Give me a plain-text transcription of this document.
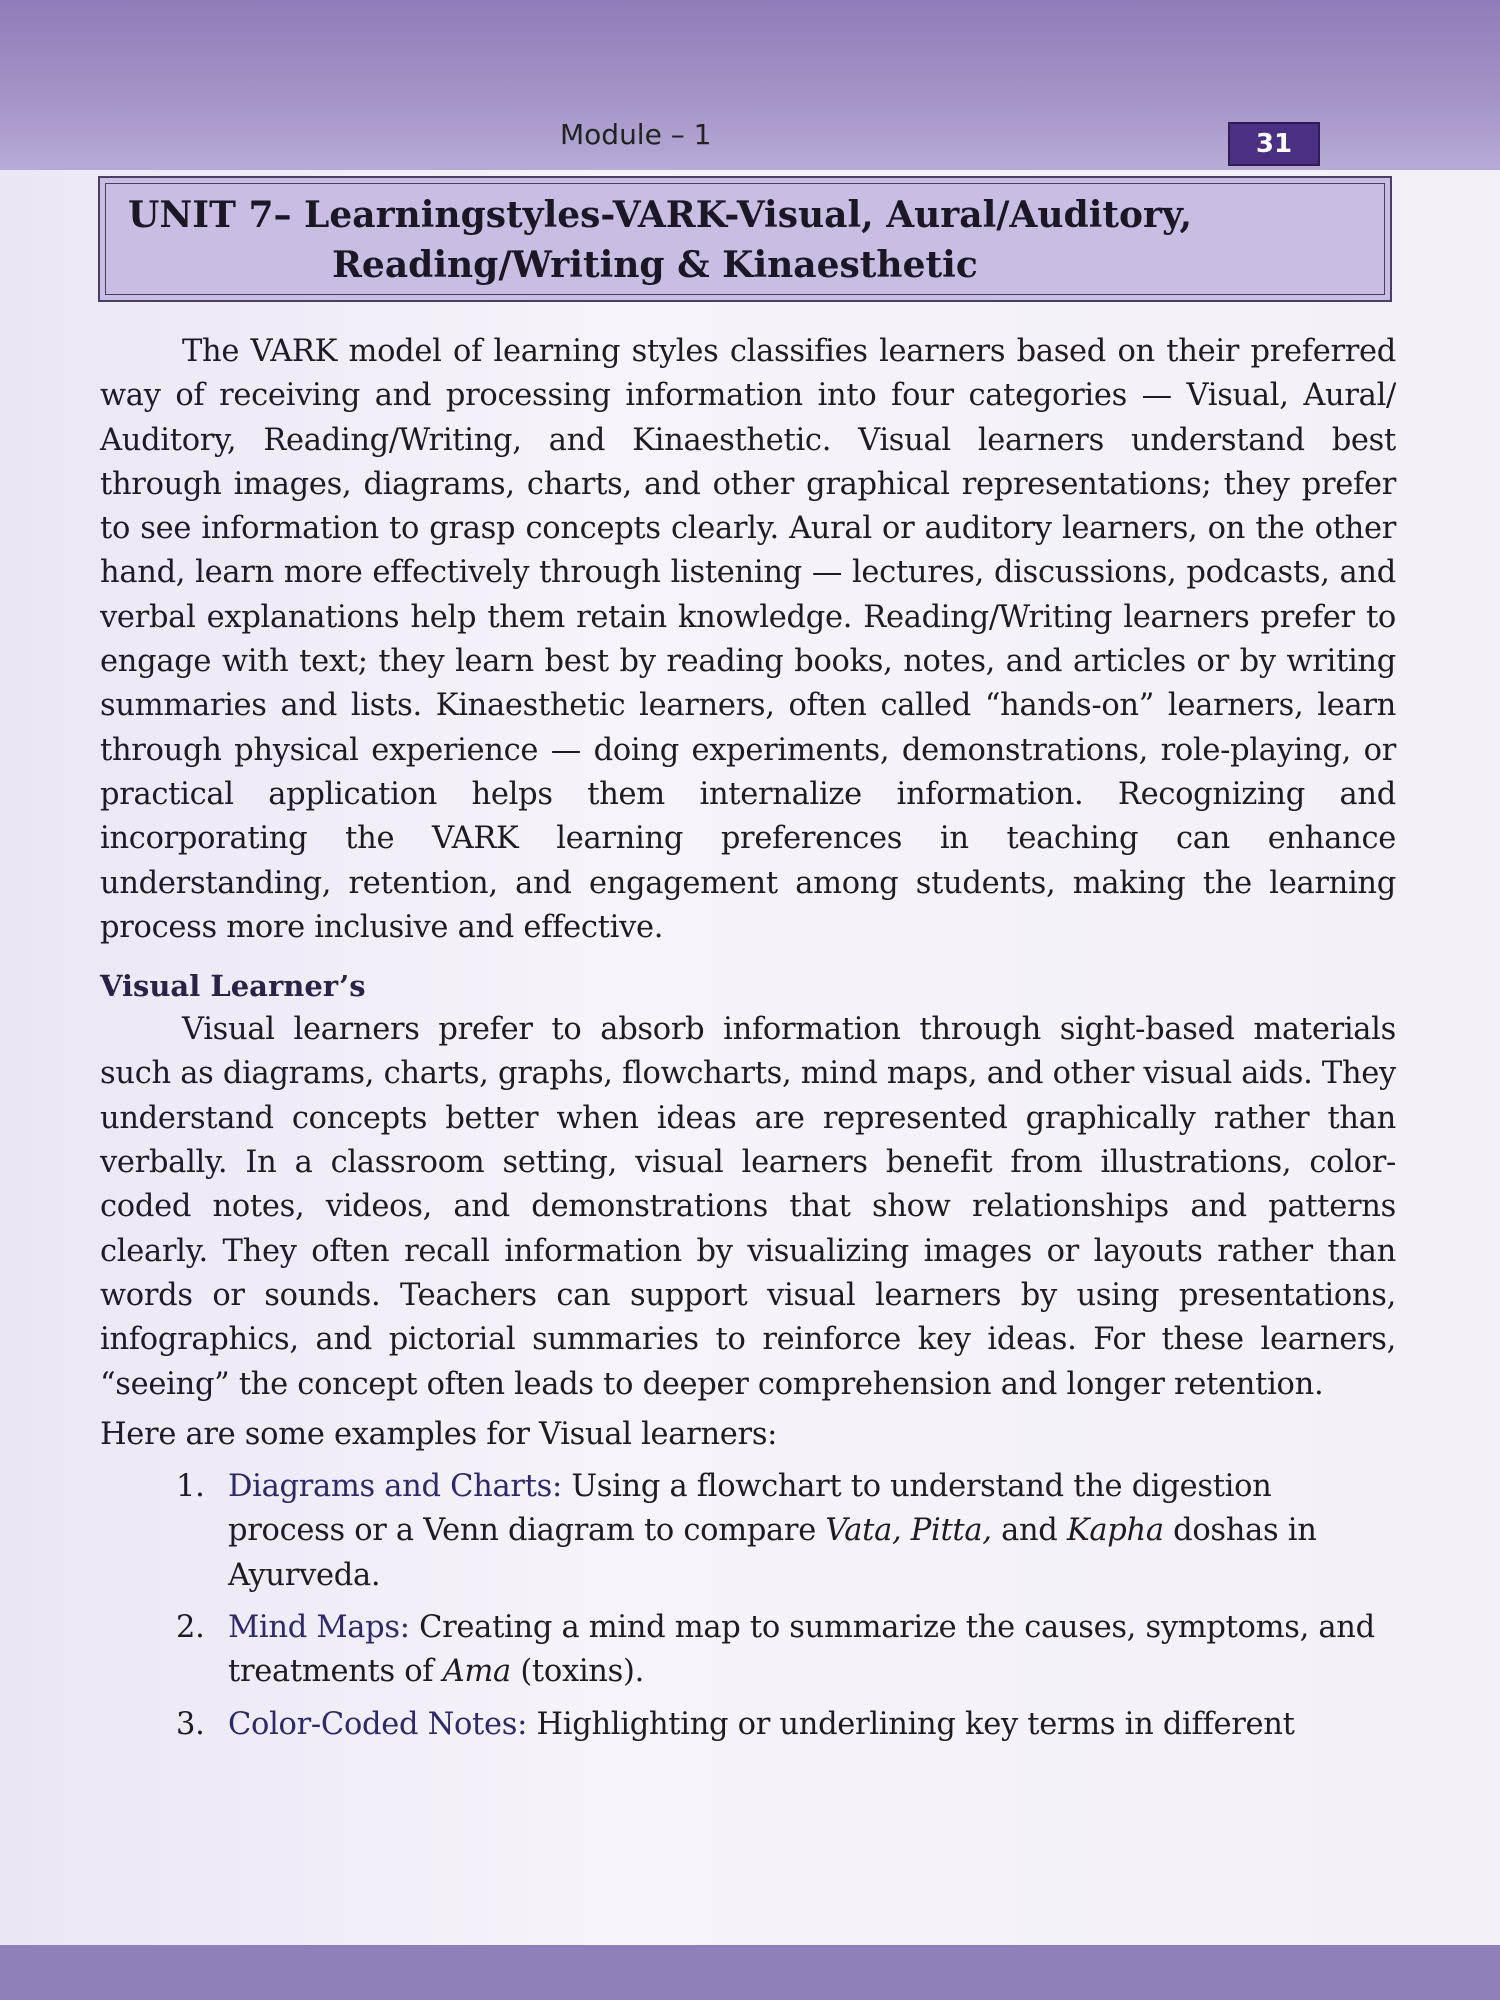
Module – 1	31
UNIT 7– Learningstyles-VARK-Visual, Aural/Auditory,
Reading/Writing & Kinaesthetic

The VARK model of learning styles classifies learners based on their preferred way of receiving and processing information into four categories — Visual, Aural/ Auditory, Reading/Writing, and Kinaesthetic. Visual learners understand best through images, diagrams, charts, and other graphical representations; they prefer to see information to grasp concepts clearly. Aural or auditory learners, on the other hand, learn more effectively through listening — lectures, discussions, podcasts, and verbal explanations help them retain knowledge. Reading/Writing learners prefer to engage with text; they learn best by reading books, notes, and articles or by writing summaries and lists. Kinaesthetic learners, often called “hands-on” learners, learn through physical experience — doing experiments, demonstrations, role-playing, or practical application helps them internalize information. Recognizing and incorporating the VARK learning preferences in teaching can enhance understanding, retention, and engagement among students, making the learning process more inclusive and effective.

Visual Learner’s

Visual learners prefer to absorb information through sight-based materials such as diagrams, charts, graphs, flowcharts, mind maps, and other visual aids. They understand concepts better when ideas are represented graphically rather than verbally. In a classroom setting, visual learners benefit from illustrations, color-coded notes, videos, and demonstrations that show relationships and patterns clearly. They often recall information by visualizing images or layouts rather than words or sounds. Teachers can support visual learners by using presentations, infographics, and pictorial summaries to reinforce key ideas. For these learners, “seeing” the concept often leads to deeper comprehension and longer retention.

Here are some examples for Visual learners:

1. Diagrams and Charts: Using a flowchart to understand the digestion process or a Venn diagram to compare Vata, Pitta, and Kapha doshas in Ayurveda.
2. Mind Maps: Creating a mind map to summarize the causes, symptoms, and treatments of Ama (toxins).
3. Color-Coded Notes: Highlighting or underlining key terms in different
